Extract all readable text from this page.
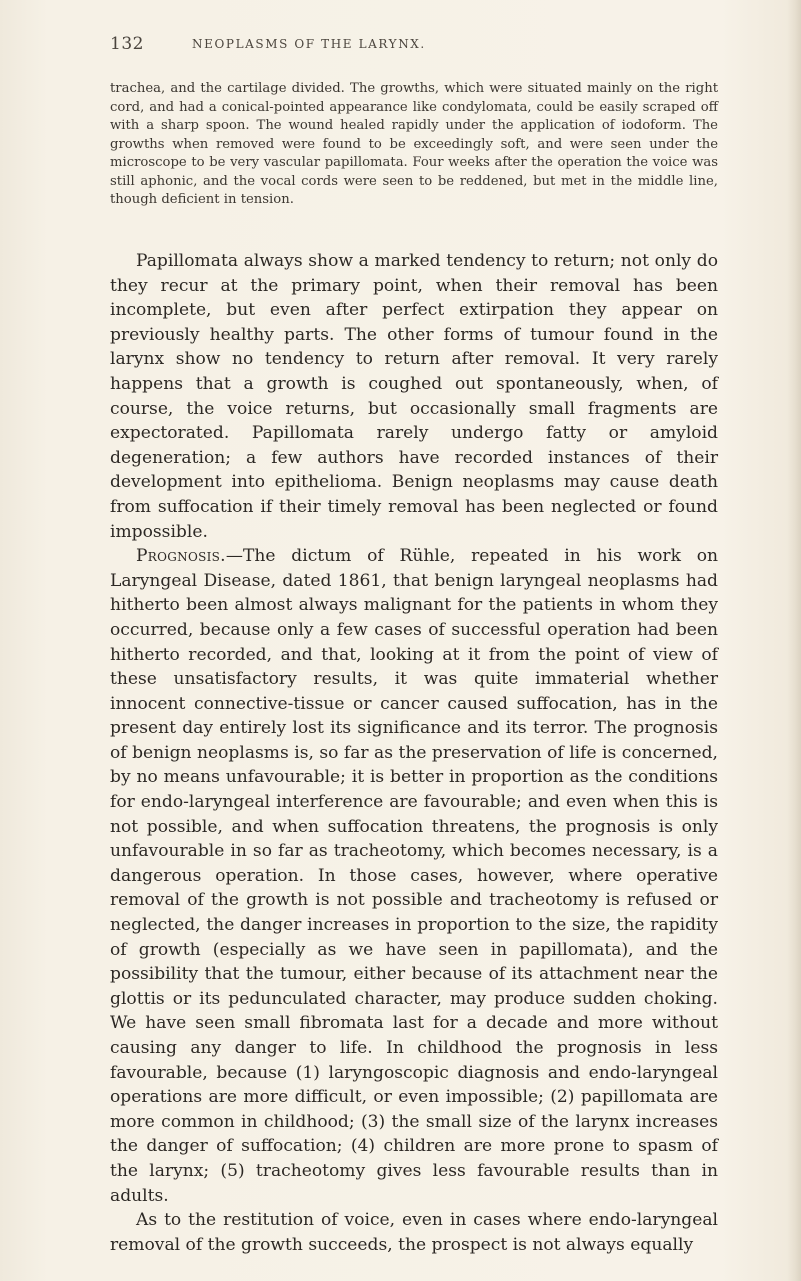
132	NEOPLASMS OF THE LARYNX.

trachea, and the cartilage divided. The growths, which were situated mainly on the right cord, and had a conical-pointed appearance like condylomata, could be easily scraped off with a sharp spoon. The wound healed rapidly under the application of iodoform. The growths when removed were found to be exceedingly soft, and were seen under the microscope to be very vascular papillomata. Four weeks after the operation the voice was still aphonic, and the vocal cords were seen to be reddened, but met in the middle line, though deficient in tension.

Papillomata always show a marked tendency to return; not only do they recur at the primary point, when their removal has been incomplete, but even after perfect extirpation they appear on previously healthy parts. The other forms of tumour found in the larynx show no tendency to return after removal. It very rarely happens that a growth is coughed out spontaneously, when, of course, the voice returns, but occasionally small fragments are expectorated. Papillomata rarely undergo fatty or amyloid degeneration; a few authors have recorded instances of their development into epithelioma. Benign neoplasms may cause death from suffocation if their timely removal has been neglected or found impossible.

Prognosis.—The dictum of Rühle, repeated in his work on Laryngeal Disease, dated 1861, that benign laryngeal neoplasms had hitherto been almost always malignant for the patients in whom they occurred, because only a few cases of successful operation had been hitherto recorded, and that, looking at it from the point of view of these unsatisfactory results, it was quite immaterial whether innocent connective-tissue or cancer caused suffocation, has in the present day entirely lost its significance and its terror. The prognosis of benign neoplasms is, so far as the preservation of life is concerned, by no means unfavourable; it is better in proportion as the conditions for endo-laryngeal interference are favourable; and even when this is not possible, and when suffocation threatens, the prognosis is only unfavourable in so far as tracheotomy, which becomes necessary, is a dangerous operation. In those cases, however, where operative removal of the growth is not possible and tracheotomy is refused or neglected, the danger increases in proportion to the size, the rapidity of growth (especially as we have seen in papillomata), and the possibility that the tumour, either because of its attachment near the glottis or its pedunculated character, may produce sudden choking. We have seen small fibromata last for a decade and more without causing any danger to life. In childhood the prognosis in less favourable, because (1) laryngoscopic diagnosis and endo-laryngeal operations are more difficult, or even impossible; (2) papillomata are more common in childhood; (3) the small size of the larynx increases the danger of suffocation; (4) children are more prone to spasm of the larynx; (5) tracheotomy gives less favourable results than in adults.

As to the restitution of voice, even in cases where endo-laryngeal removal of the growth succeeds, the prospect is not always equally
